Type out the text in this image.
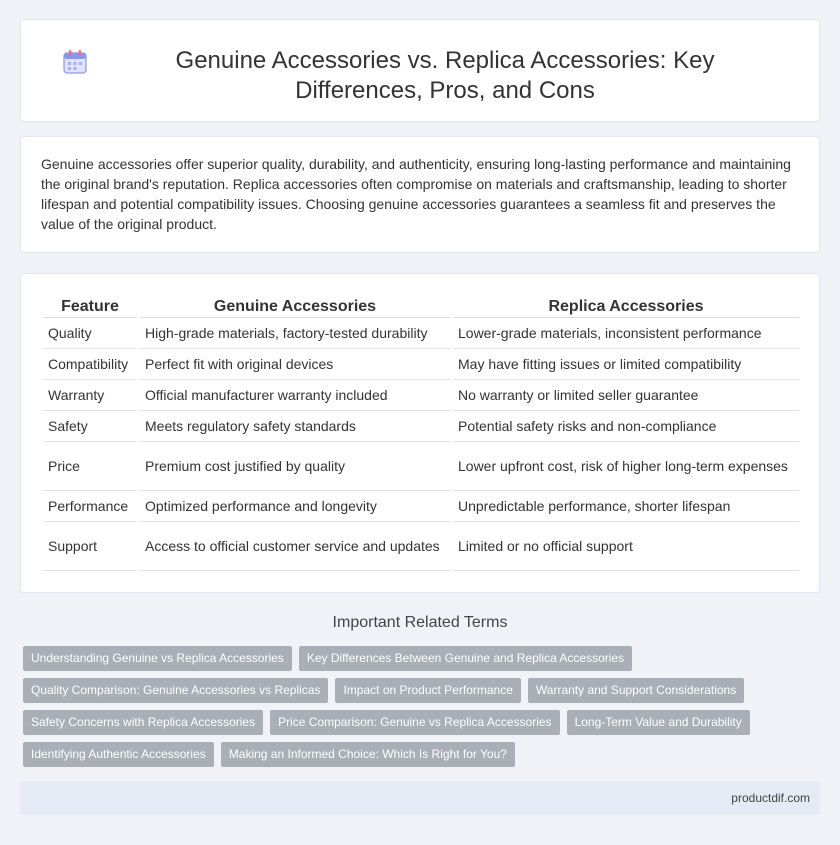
Genuine Accessories vs. Replica Accessories: Key Differences, Pros, and Cons

Genuine accessories offer superior quality, durability, and authenticity, ensuring long-lasting performance and maintaining the original brand's reputation. Replica accessories often compromise on materials and craftsmanship, leading to shorter lifespan and potential compatibility issues. Choosing genuine accessories guarantees a seamless fit and preserves the value of the original product.

Feature		Genuine Accessories		Replica Accessories
Quality		High-grade materials, factory-tested durability		Lower-grade materials, inconsistent performance
Compatibility		Perfect fit with original devices		May have fitting issues or limited compatibility
Warranty		Official manufacturer warranty included		No warranty or limited seller guarantee
Safety		Meets regulatory safety standards		Potential safety risks and non-compliance
Price		Premium cost justified by quality		Lower upfront cost, risk of higher long-term expenses
Performance		Optimized performance and longevity		Unpredictable performance, shorter lifespan
Support		Access to official customer service and updates		Limited or no official support
Important Related Terms
Understanding Genuine vs Replica Accessories	Key Differences Between Genuine and Replica Accessories
Quality Comparison: Genuine Accessories vs Replicas	Impact on Product Performance	Warranty and Support Considerations
Safety Concerns with Replica Accessories	Price Comparison: Genuine vs Replica Accessories	Long-Term Value and Durability
Identifying Authentic Accessories	Making an Informed Choice: Which Is Right for You?
productdif.com
